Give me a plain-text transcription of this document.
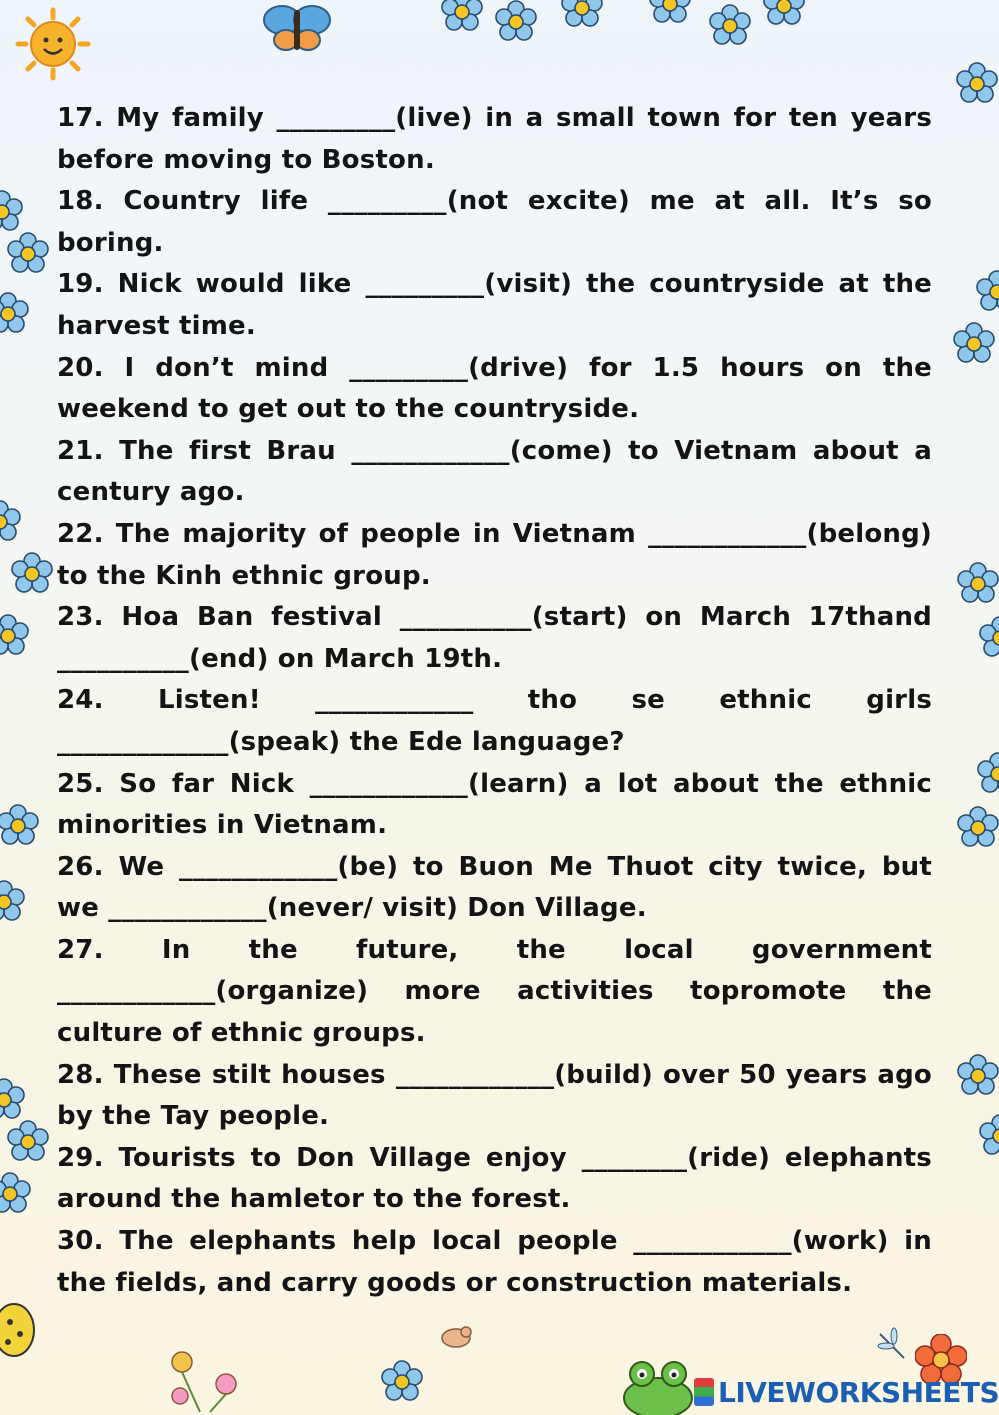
17. My family _________(live) in a small town for ten years before moving to Boston.

18. Country life _________(not excite) me at all. It’s so boring.

19. Nick would like _________(visit) the countryside at the harvest time.

20. I don’t mind _________(drive) for 1.5 hours on the weekend to get out to the countryside.

21. The first Brau ____________(come) to Vietnam about a century ago.

22. The majority of people in Vietnam ____________(belong) to the Kinh ethnic group.

23. Hoa Ban festival __________(start) on March 17thand __________(end) on March 19th.

24. Listen! ____________ tho se ethnic girls _____________(speak) the Ede language?

25. So far Nick ____________(learn) a lot about the ethnic minorities in Vietnam.

26. We ____________(be) to Buon Me Thuot city twice, but we ____________(never/ visit) Don Village.

27. In the future, the local government ____________(organize) more activities topromote the culture of ethnic groups.

28. These stilt houses ____________(build) over 50 years ago by the Tay people.

29. Tourists to Don Village enjoy ________(ride) elephants around the hamletor to the forest.

30. The elephants help local people ____________(work) in the fields, and carry goods or construction materials.

LIVEWORKSHEETS
